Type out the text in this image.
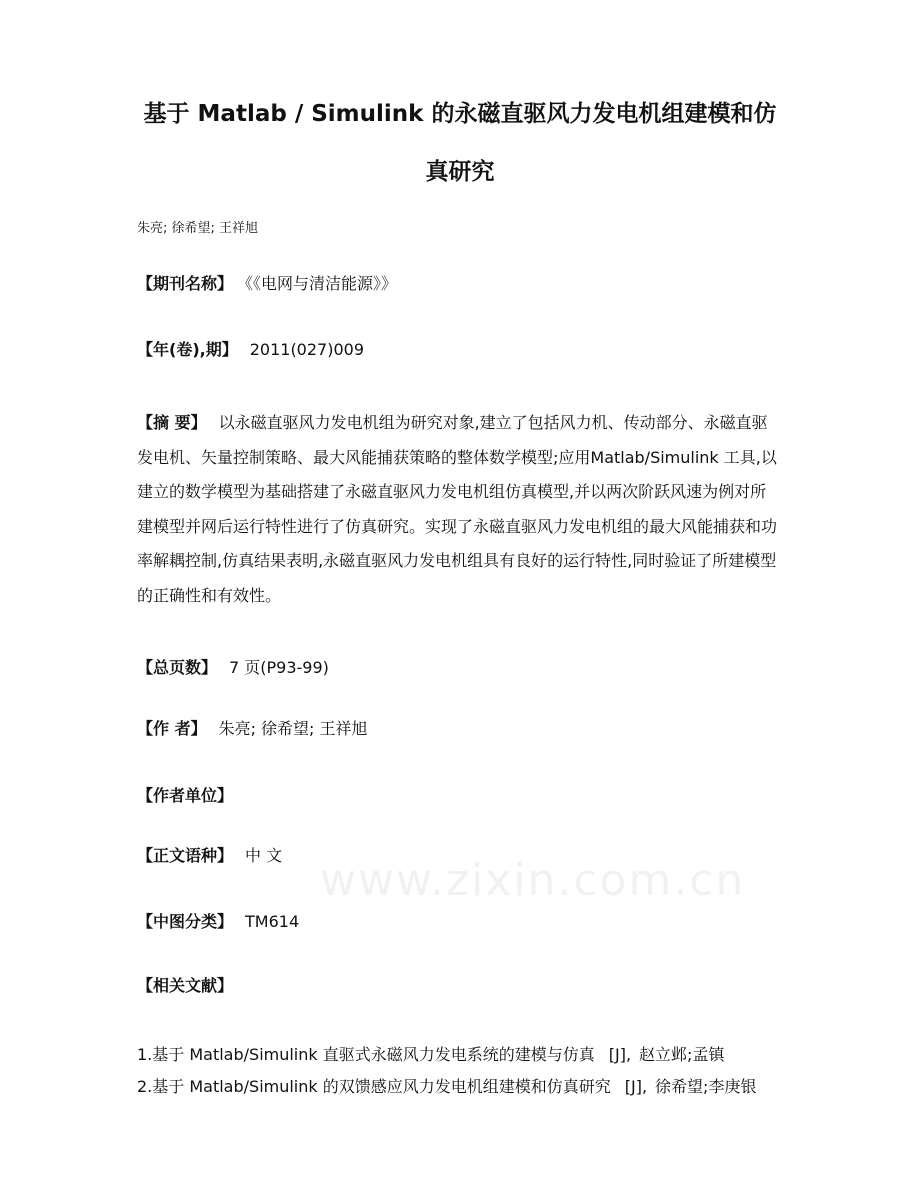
基于 Matlab / Simulink 的永磁直驱风力发电机组建模和仿
真研究
朱亮; 徐希望; 王祥旭
【期刊名称】 《《电网与清洁能源》》
【年(卷),期】 2011(027)009

【摘 要】 以永磁直驱风力发电机组为研究对象,建立了包括风力机、传动部分、永磁直驱发电机、矢量控制策略、最大风能捕获策略的整体数学模型;应用Matlab/Simulink 工具,以建立的数学模型为基础搭建了永磁直驱风力发电机组仿真模型,并以两次阶跃风速为例对所建模型并网后运行特性进行了仿真研究。实现了永磁直驱风力发电机组的最大风能捕获和功率解耦控制,仿真结果表明,永磁直驱风力发电机组具有良好的运行特性,同时验证了所建模型的正确性和有效性。

【总页数】 7 页(P93-99)
【作 者】 朱亮; 徐希望; 王祥旭
【作者单位】
【正文语种】 中 文
【中图分类】 TM614
【相关文献】

1.基于 Matlab/Simulink 直驱式永磁风力发电系统的建模与仿真 [J], 赵立邺;孟镇

2.基于 Matlab/Simulink 的双馈感应风力发电机组建模和仿真研究 [J], 徐希望;李庚银

www.zixin.com.cn
